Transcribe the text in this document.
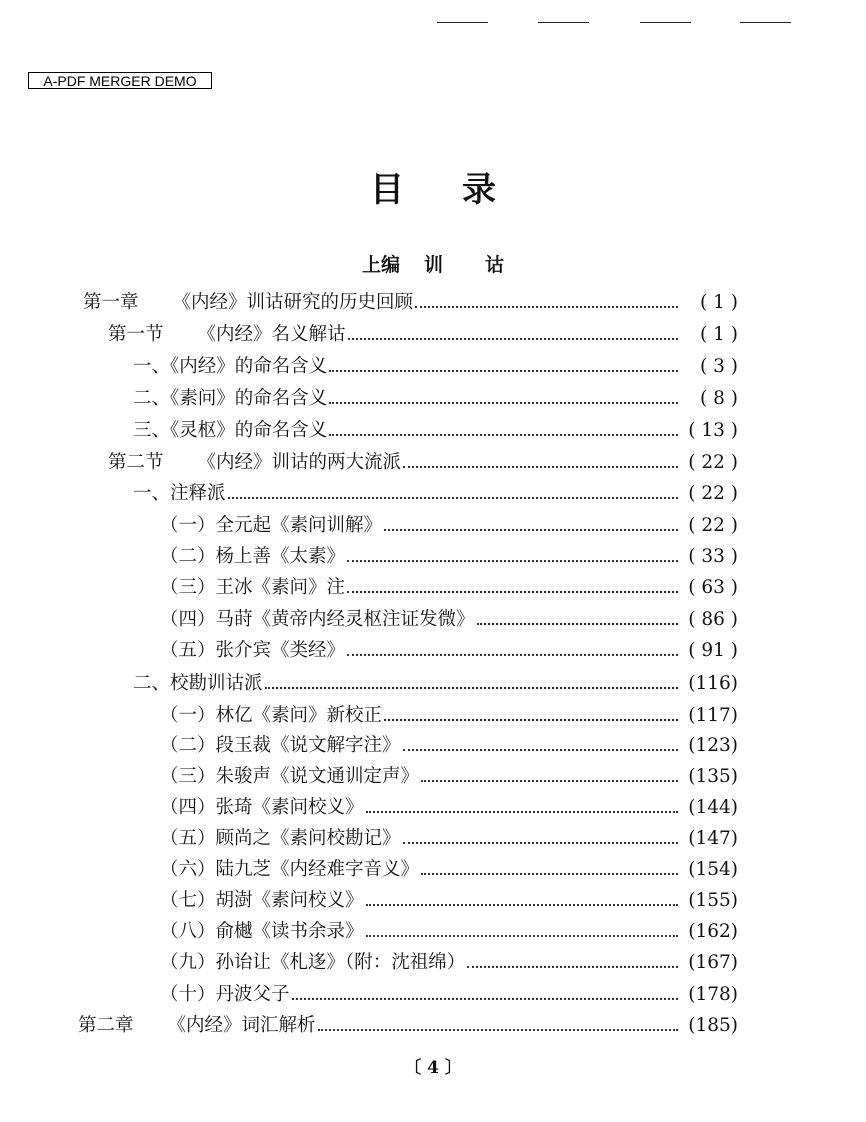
A-PDF MERGER DEMO
目录
上编 训 诂
第一章 《内经》训诂研究的历史回顾	( 1 )
第一节 《内经》名义解诂	( 1 )
一、《内经》的命名含义	( 3 )
二、《素问》的命名含义	( 8 )
三、《灵枢》的命名含义	( 13 )
第二节 《内经》训诂的两大流派	( 22 )
一、注释派	( 22 )
（一）全元起《素问训解》	( 22 )
（二）杨上善《太素》	( 33 )
（三）王冰《素问》注	( 63 )
（四）马莳《黄帝内经灵枢注证发微》	( 86 )
（五）张介宾《类经》	( 91 )
二、校勘训诂派	(116)
（一）林亿《素问》新校正	(117)
（二）段玉裁《说文解字注》	(123)
（三）朱骏声《说文通训定声》	(135)
（四）张琦《素问校义》	(144)
（五）顾尚之《素问校勘记》	(147)
（六）陆九芝《内经难字音义》	(154)
（七）胡澍《素问校义》	(155)
（八）俞樾《读书余录》	(162)
（九）孙诒让《札迻》（附：沈祖绵）	(167)
（十）丹波父子	(178)
第二章 《内经》词汇解析	(185)
〔 4 〕
